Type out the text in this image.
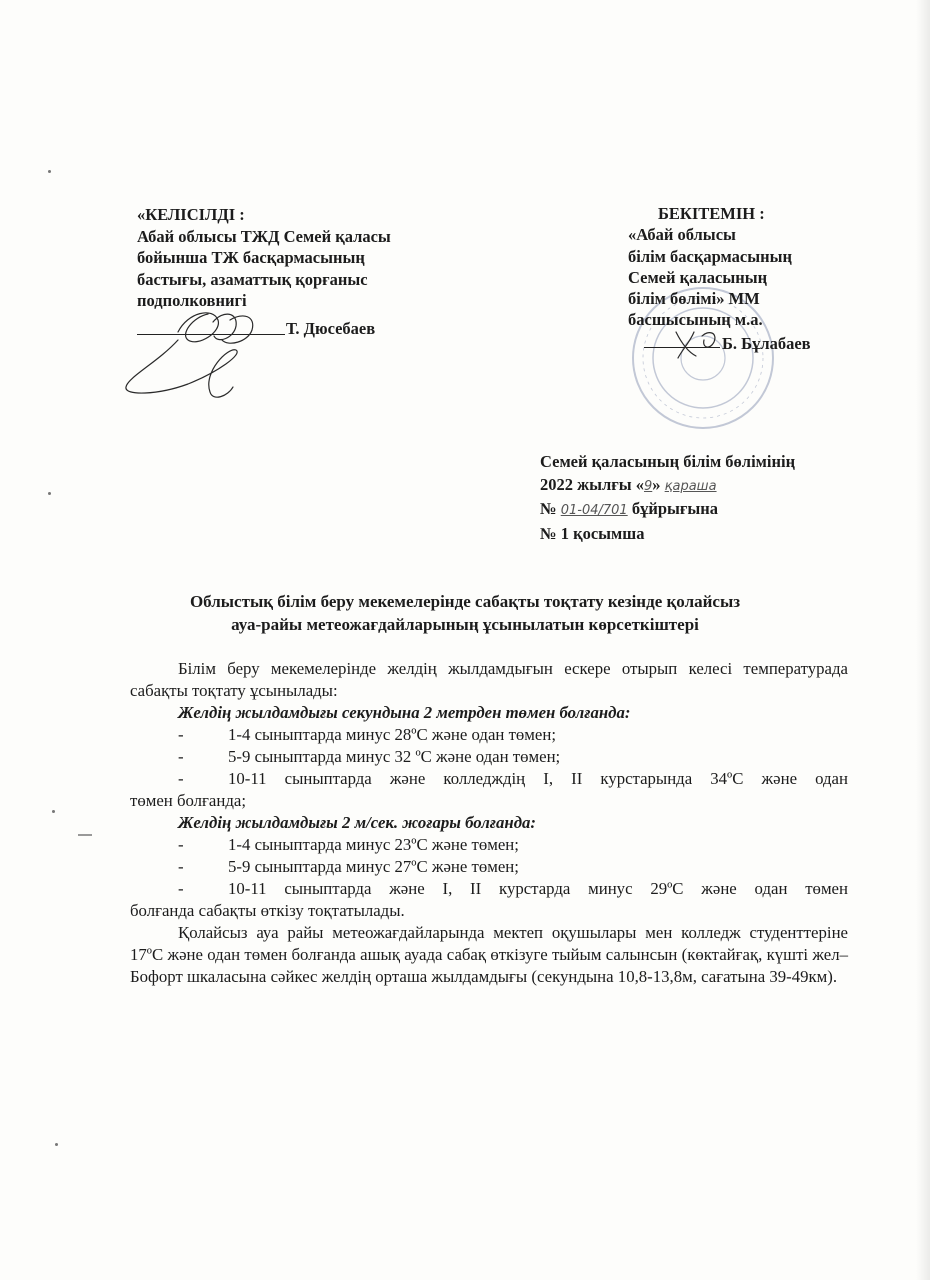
«КЕЛІСІЛДІ :
Абай облысы ТЖД Семей қаласы
бойынша ТЖ басқармасының
бастығы, азаматтық қорғаныс
подполковнигі
Т. Дюсебаев
БЕКІТЕМІН :
«Абай облысы
білім басқармасының
Семей қаласының
білім бөлімі» ММ
басшысының м.а.
Б. Бұлабаев
Семей қаласының білім бөлімінің
2022 жылғы «9» қараша
№ 01-04/701 бұйрығына
№ 1 қосымша
Облыстық білім беру мекемелерінде сабақты тоқтату кезінде қолайсыз
ауа-райы метеожағдайларының ұсынылатын көрсеткіштері

Білім беру мекемелерінде желдің жылдамдығын ескере отырып келесі температурада сабақты тоқтату ұсынылады:

Желдің жылдамдығы секундына 2 метрден төмен болғанда:

-	1-4 сыныптарда минус 28ºС және одан төмен;
-	5-9 сыныптарда минус 32 ºС және одан төмен;
-	10-11 сыныптарда және колледждің I, II курстарында 34ºС және одан
төмен болғанда;

Желдің жылдамдығы 2 м/сек. жоғары болғанда:

-	1-4 сыныптарда минус 23ºС және төмен;
-	5-9 сыныптарда минус 27ºС және төмен;
-	10-11 сыныптарда және I, II курстарда минус 29ºС және одан төмен
болғанда сабақты өткізу тоқтатылады.

Қолайсыз ауа райы метеожағдайларында мектеп оқушылары мен колледж студенттеріне 17ºС және одан төмен болғанда ашық ауада сабақ өткізуге тыйым салынсын (көктайғақ, күшті жел– Бофорт шкаласына сәйкес желдің орташа жылдамдығы (секундына 10,8-13,8м, сағатына 39-49км).
